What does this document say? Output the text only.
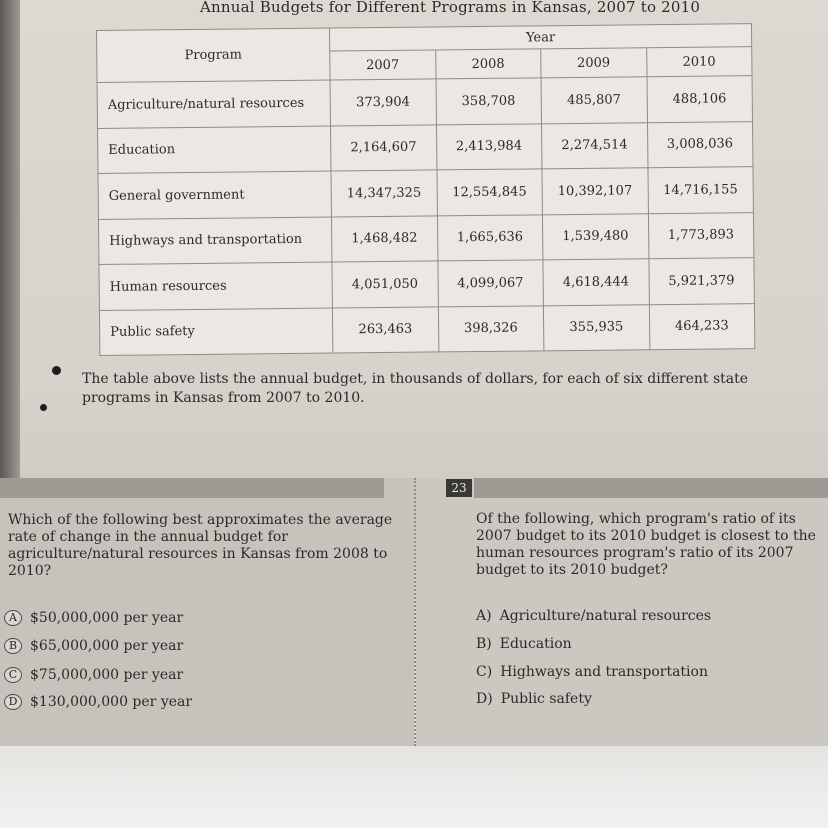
Annual Budgets for Different Programs in Kansas, 2007 to 2010
Program	Year			
	2007	2008	2009	2010
Agriculture/natural resources	373,904	358,708	485,807	488,106
Education	2,164,607	2,413,984	2,274,514	3,008,036
General government	14,347,325	12,554,845	10,392,107	14,716,155
Highways and transportation	1,468,482	1,665,636	1,539,480	1,773,893
Human resources	4,051,050	4,099,067	4,618,444	5,921,379
Public safety	263,463	398,326	355,935	464,233
The table above lists the annual budget, in thousands of dollars, for each of six different state programs in Kansas from 2007 to 2010.
23
Which of the following best approximates the average rate of change in the annual budget for agriculture/natural resources in Kansas from 2008 to 2010?
A $50,000,000 per year
B $65,000,000 per year
C $75,000,000 per year
D $130,000,000 per year
Of the following, which program's ratio of its 2007 budget to its 2010 budget is closest to the human resources program's ratio of its 2007 budget to its 2010 budget?
A) Agriculture/natural resources
B) Education
C) Highways and transportation
D) Public safety
